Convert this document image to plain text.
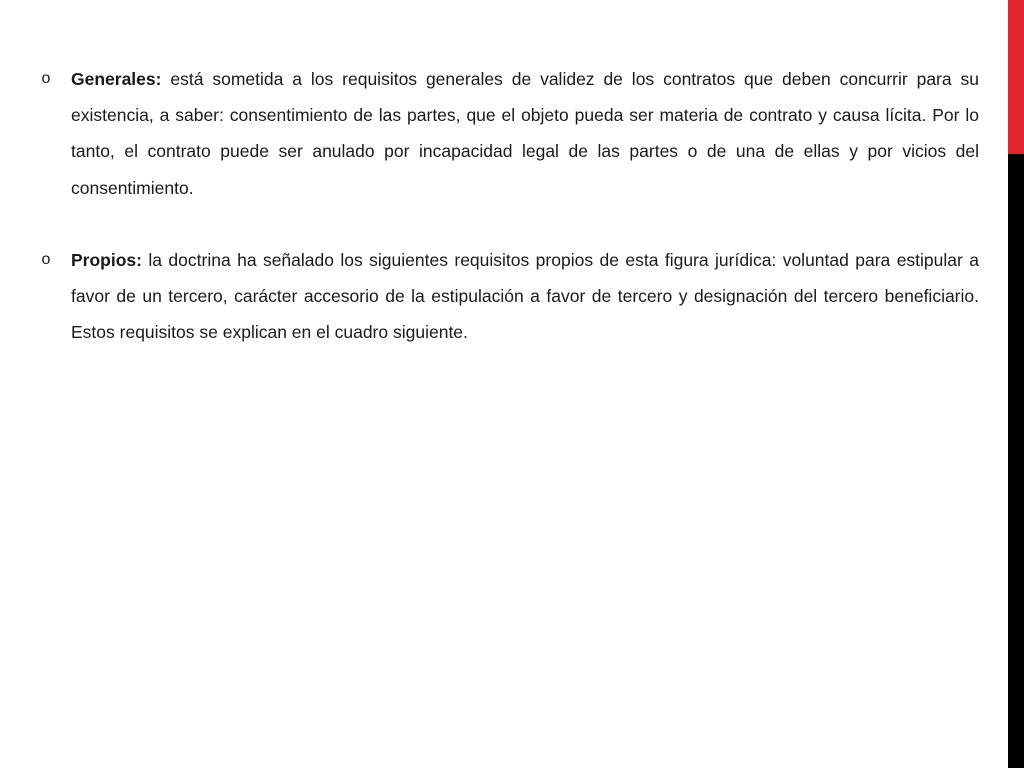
o Generales: está sometida a los requisitos generales de validez de los contratos que deben concurrir para su existencia, a saber: consentimiento de las partes, que el objeto pueda ser materia de contrato y causa lícita. Por lo tanto, el contrato puede ser anulado por incapacidad legal de las partes o de una de ellas y por vicios del consentimiento.
o Propios: la doctrina ha señalado los siguientes requisitos propios de esta figura jurídica: voluntad para estipular a favor de un tercero, carácter accesorio de la estipulación a favor de tercero y designación del tercero beneficiario. Estos requisitos se explican en el cuadro siguiente.
